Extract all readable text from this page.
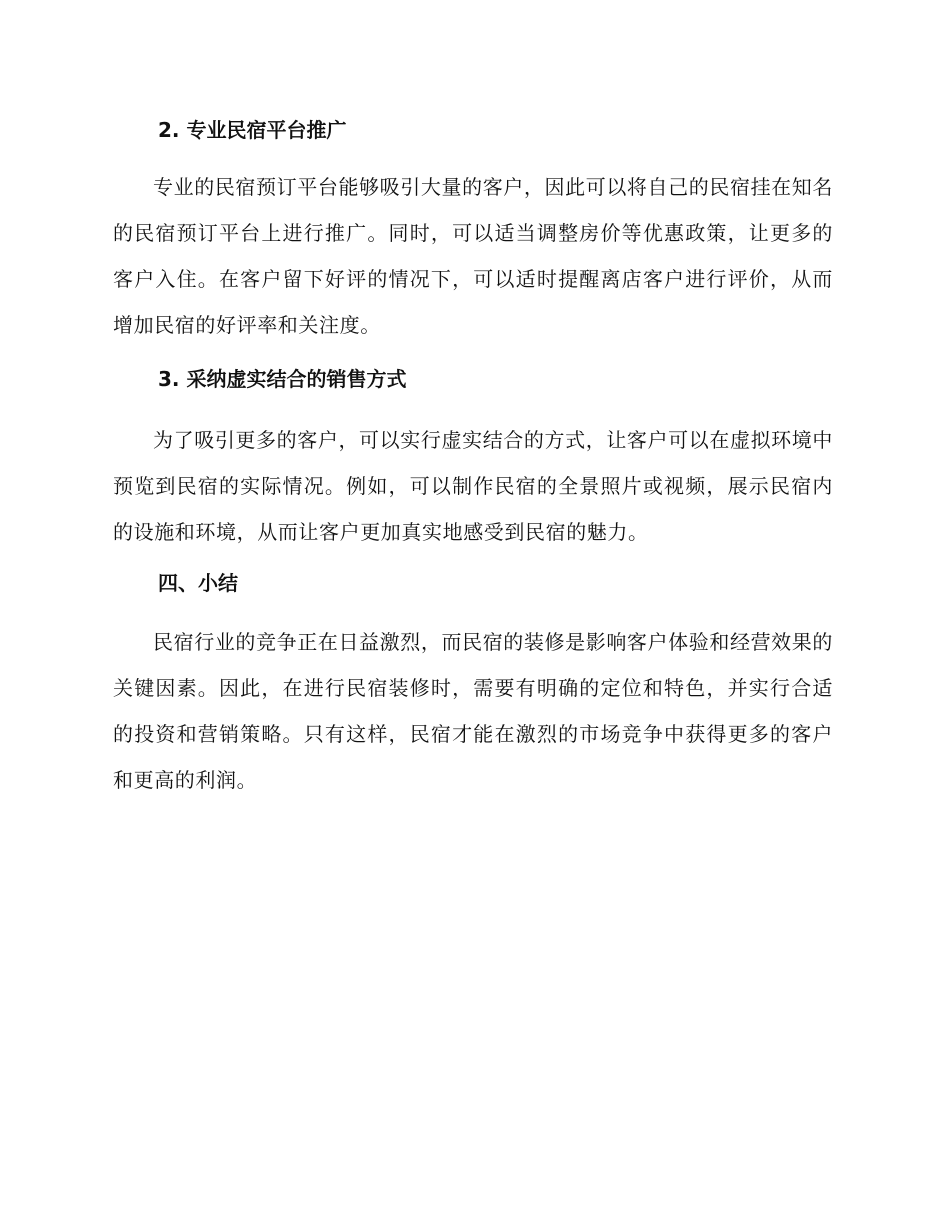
2. 专业民宿平台推广
专业的民宿预订平台能够吸引大量的客户，因此可以将自己的民宿挂在知名的民宿预订平台上进行推广。同时，可以适当调整房价等优惠政策，让更多的客户入住。在客户留下好评的情况下，可以适时提醒离店客户进行评价，从而增加民宿的好评率和关注度。
3. 采纳虚实结合的销售方式
为了吸引更多的客户，可以实行虚实结合的方式，让客户可以在虚拟环境中预览到民宿的实际情况。例如，可以制作民宿的全景照片或视频，展示民宿内的设施和环境，从而让客户更加真实地感受到民宿的魅力。
四、小结
民宿行业的竞争正在日益激烈，而民宿的装修是影响客户体验和经营效果的关键因素。因此，在进行民宿装修时，需要有明确的定位和特色，并实行合适的投资和营销策略。只有这样，民宿才能在激烈的市场竞争中获得更多的客户和更高的利润。
